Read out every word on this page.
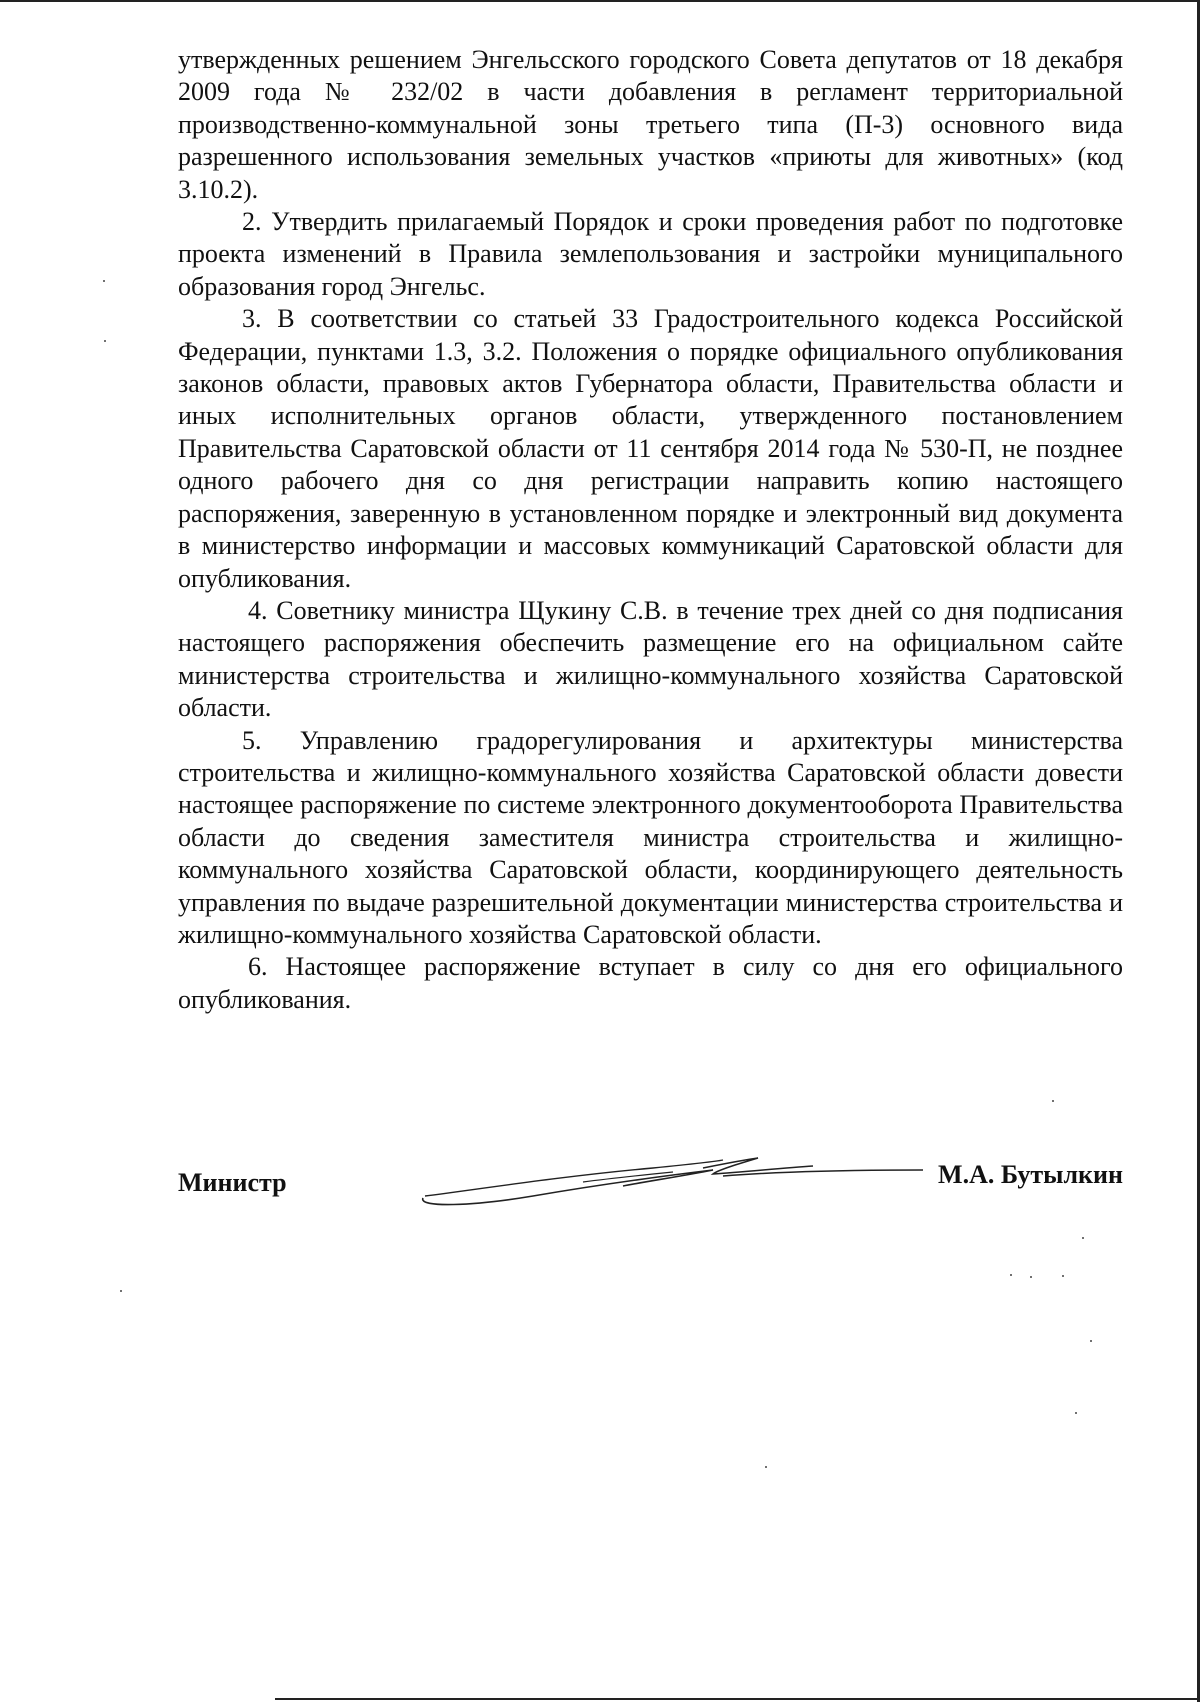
утвержденных решением Энгельсского городского Совета депутатов от 18 декабря 2009 года № 232/02 в части добавления в регламент территориальной производственно-коммунальной зоны третьего типа (П-3) основного вида разрешенного использования земельных участков «приюты для животных» (код 3.10.2).

2. Утвердить прилагаемый Порядок и сроки проведения работ по подготовке проекта изменений в Правила землепользования и застройки муниципального образования город Энгельс.

3. В соответствии со статьей 33 Градостроительного кодекса Российской Федерации, пунктами 1.3, 3.2. Положения о порядке официального опубликования законов области, правовых актов Губернатора области, Правительства области и иных исполнительных органов области, утвержденного постановлением Правительства Саратовской области от 11 сентября 2014 года № 530-П, не позднее одного рабочего дня со дня регистрации направить копию настоящего распоряжения, заверенную в установленном порядке и электронный вид документа в министерство информации и массовых коммуникаций Саратовской области для опубликования.

4. Советнику министра Щукину С.В. в течение трех дней со дня подписания настоящего распоряжения обеспечить размещение его на официальном сайте министерства строительства и жилищно-коммунального хозяйства Саратовской области.

5. Управлению градорегулирования и архитектуры министерства строительства и жилищно-коммунального хозяйства Саратовской области довести настоящее распоряжение по системе электронного документооборота Правительства области до сведения заместителя министра строительства и жилищно-коммунального хозяйства Саратовской области, координирующего деятельность управления по выдаче разрешительной документации министерства строительства и жилищно-коммунального хозяйства Саратовской области.

6. Настоящее распоряжение вступает в силу со дня его официального опубликования.

Министр	М.А. Бутылкин
